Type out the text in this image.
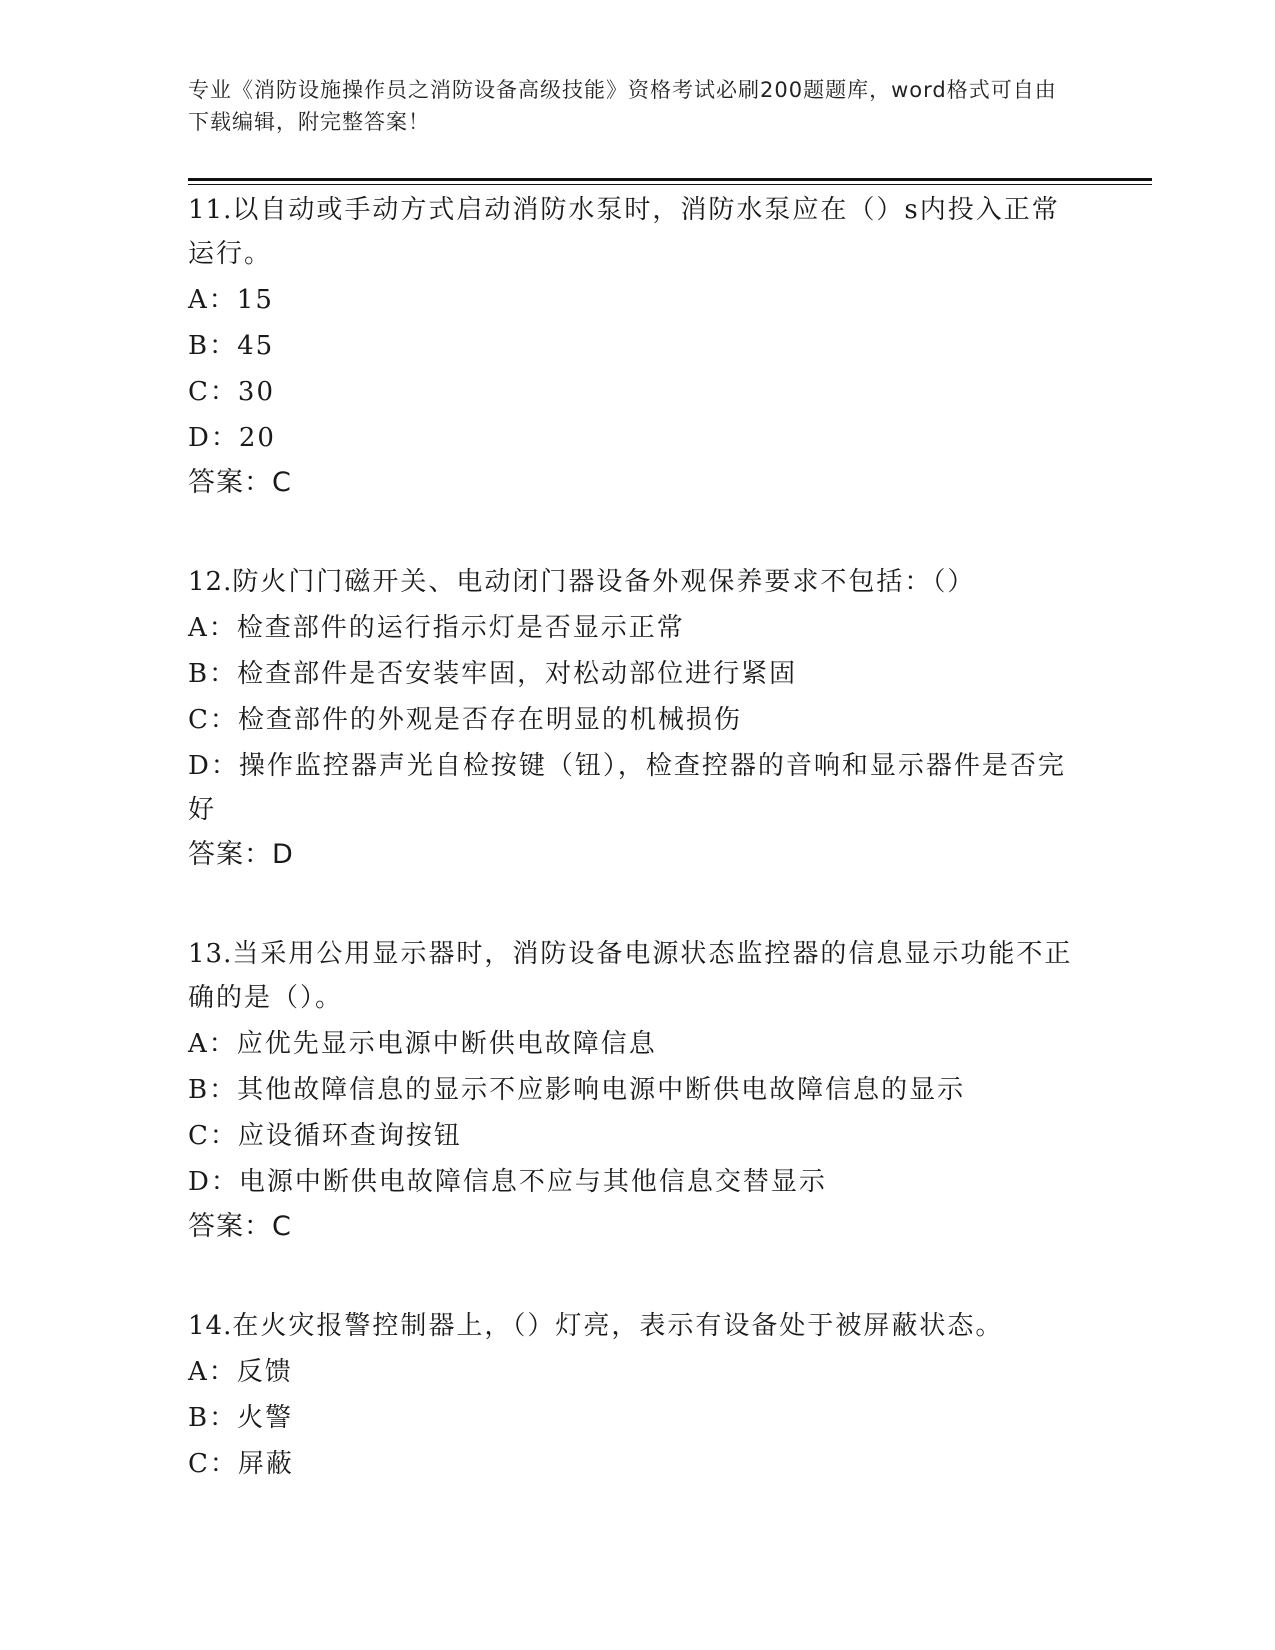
专业《消防设施操作员之消防设备高级技能》资格考试必刷200题题库，word格式可自由下载编辑，附完整答案！

11.以自动或手动方式启动消防水泵时，消防水泵应在（）s内投入正常运行。

A：15

B：45

C：30

D：20

答案：C

12.防火门门磁开关、电动闭门器设备外观保养要求不包括：（）

A：检查部件的运行指示灯是否显示正常

B：检查部件是否安装牢固，对松动部位进行紧固

C：检查部件的外观是否存在明显的机械损伤

D：操作监控器声光自检按键（钮），检查控器的音响和显示器件是否完好

答案：D

13.当采用公用显示器时，消防设备电源状态监控器的信息显示功能不正确的是（）。

A：应优先显示电源中断供电故障信息

B：其他故障信息的显示不应影响电源中断供电故障信息的显示

C：应设循环查询按钮

D：电源中断供电故障信息不应与其他信息交替显示

答案：C

14.在火灾报警控制器上，（）灯亮，表示有设备处于被屏蔽状态。

A：反馈

B：火警

C：屏蔽
